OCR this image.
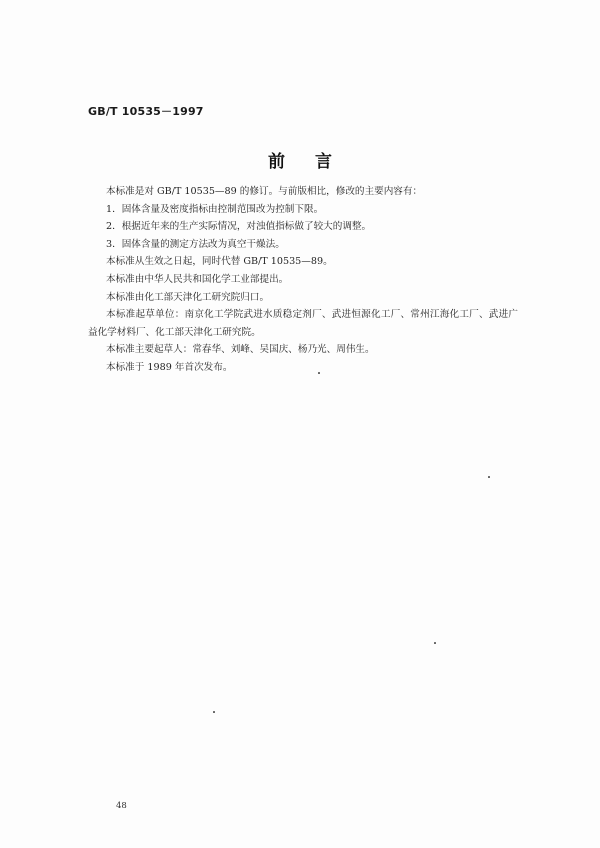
GB/T 10535－1997
前言

本标准是对 GB/T 10535—89 的修订。与前版相比，修改的主要内容有：

1．固体含量及密度指标由控制范围改为控制下限。

2．根据近年来的生产实际情况，对浊值指标做了较大的调整。

3．固体含量的测定方法改为真空干燥法。

本标准从生效之日起，同时代替 GB/T 10535—89。

本标准由中华人民共和国化学工业部提出。

本标准由化工部天津化工研究院归口。

本标准起草单位：南京化工学院武进水质稳定剂厂、武进恒源化工厂、常州江海化工厂、武进广益化学材料厂、化工部天津化工研究院。

本标准主要起草人：常春华、刘峰、吴国庆、杨乃光、周伟生。

本标准于 1989 年首次发布。

48
